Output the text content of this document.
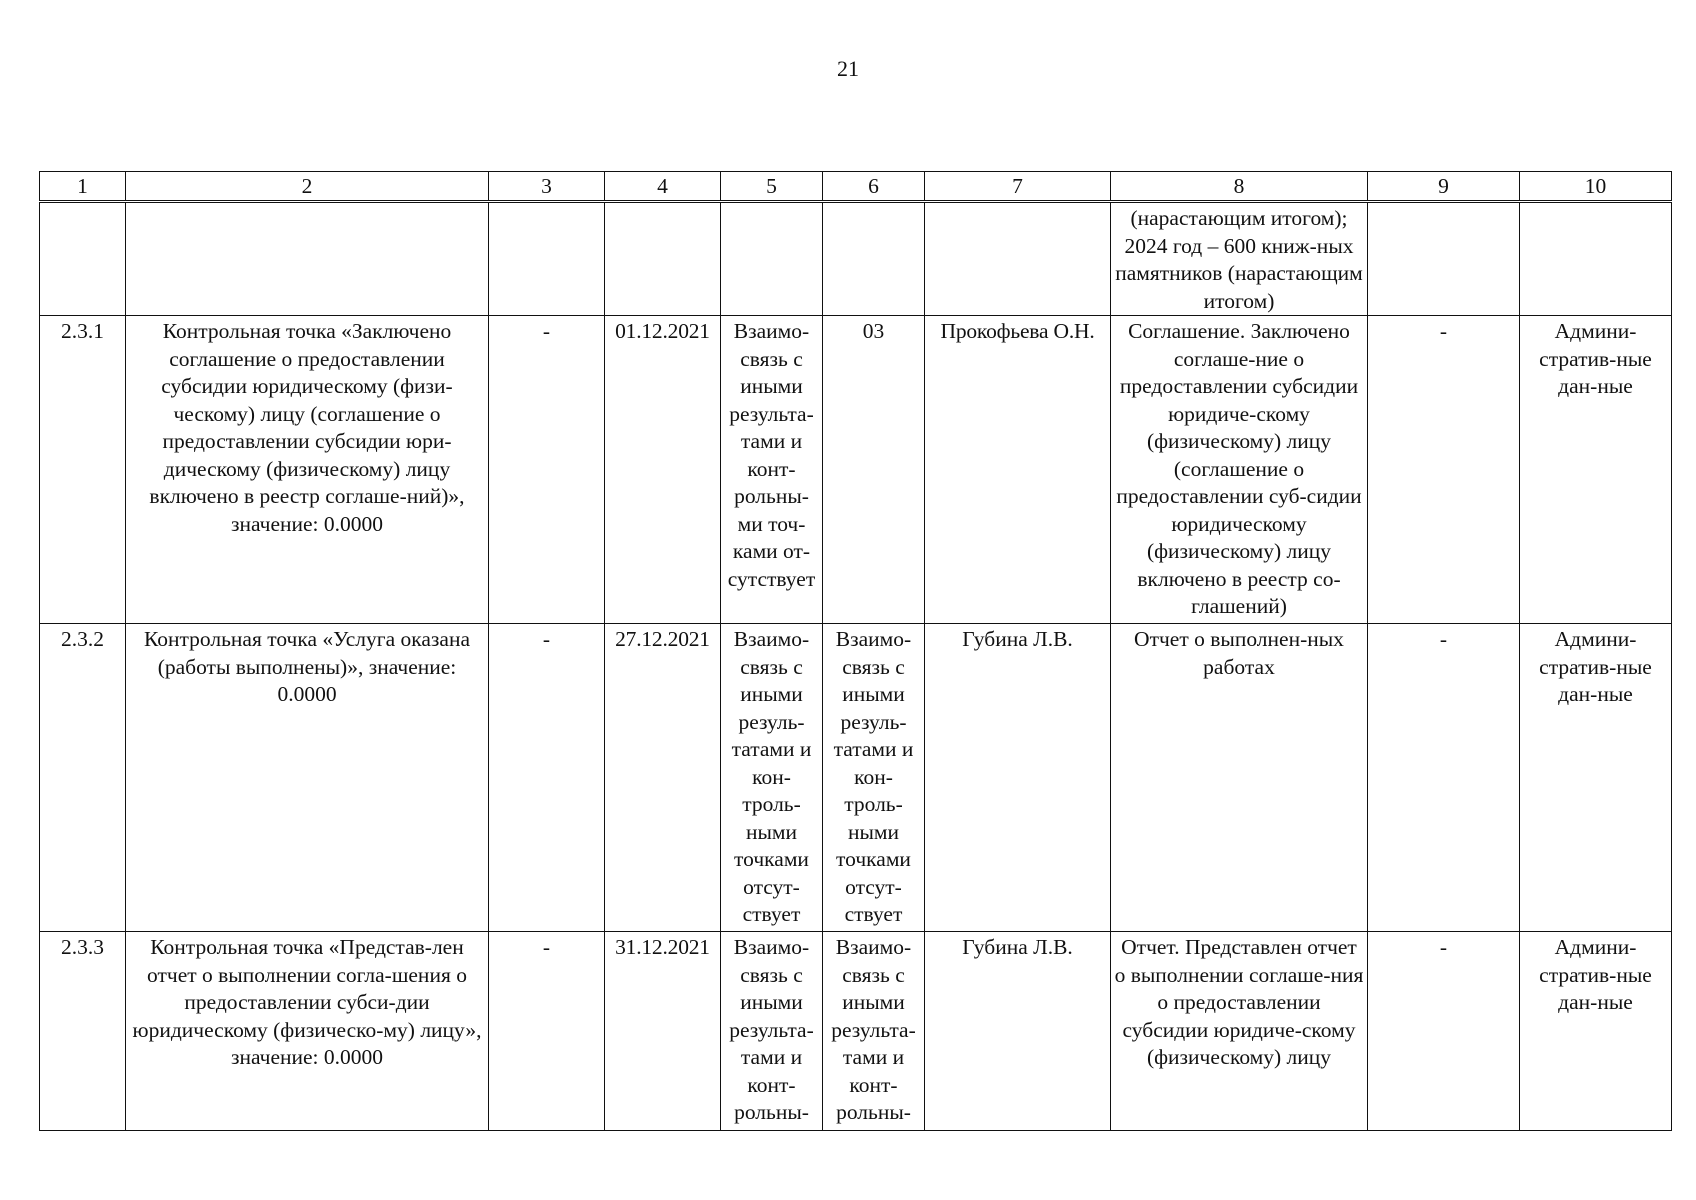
21
1	2	3	4	5	6	7	8	9	10
							(нарастающим итогом); 2024 год – 600 книж-ных памятников (нарастающим итогом)		
2.3.1	Контрольная точка «Заключено соглашение о предоставлении субсидии юридическому (физи-ческому) лицу (соглашение о предоставлении субсидии юри-дическому (физическому) лицу включено в реестр соглаше-ний)», значение: 0.0000	-	01.12.2021	Взаимо-связь с иными результа-тами и конт-рольны-ми точ-ками от-сутствует	03	Прокофьева О.Н.	Соглашение. Заключено соглаше-ние о предоставлении субсидии юридиче-скому (физическому) лицу (соглашение о предоставлении суб-сидии юридическому (физическому) лицу включено в реестр со-глашений)	-	Админи-стратив-ные дан-ные
2.3.2	Контрольная точка «Услуга оказана (работы выполнены)», значение: 0.0000	-	27.12.2021	Взаимо-связь с иными резуль-татами и кон-троль-ными точками отсут-ствует	Взаимо-связь с иными резуль-татами и кон-троль-ными точками отсут-ствует	Губина Л.В.	Отчет о выполнен-ных работах	-	Админи-стратив-ные дан-ные
2.3.3	Контрольная точка «Представ-лен отчет о выполнении согла-шения о предоставлении субси-дии юридическому (физическо-му) лицу», значение: 0.0000	-	31.12.2021	Взаимо-связь с иными результа-тами и конт-рольны-	Взаимо-связь с иными результа-тами и конт-рольны-	Губина Л.В.	Отчет. Представлен отчет о выполнении соглаше-ния о предоставлении субсидии юридиче-скому (физическому) лицу	-	Админи-стратив-ные дан-ные
